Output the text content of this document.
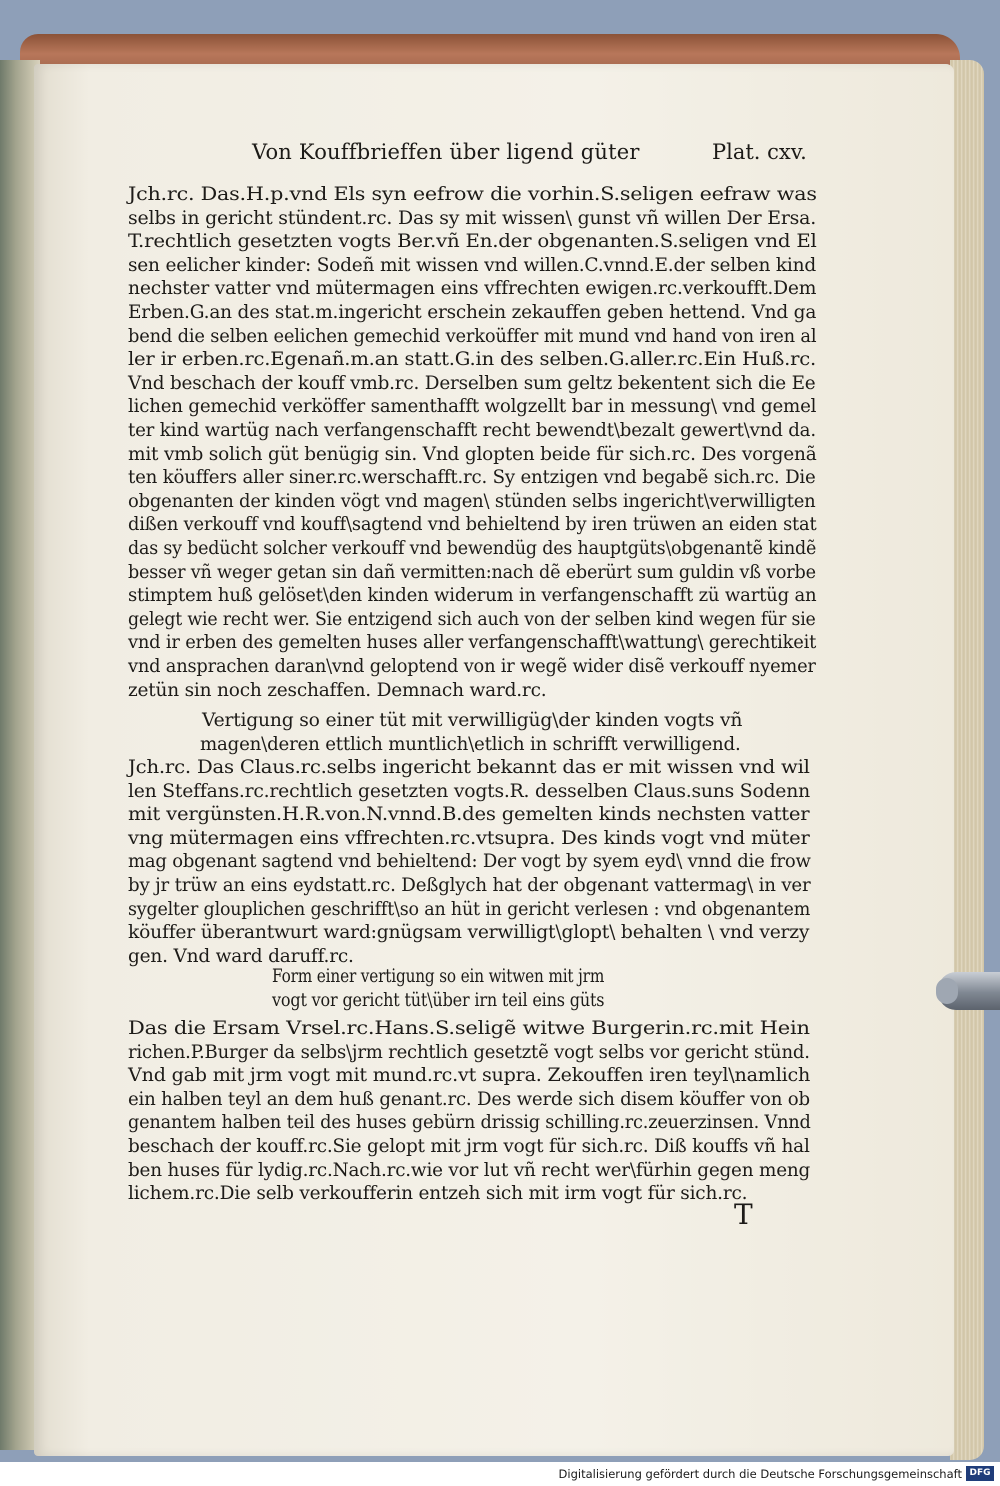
Von Kouffbrieffen über ligend güter	Plat. cxv.
Jch.rc. Das.H.p.vnd Els syn eefrow die vorhin.S.seligen eefraw was
selbs in gericht stündent.rc. Das sy mit wissen\ gunst vñ willen Der Ersa.
T.rechtlich gesetzten vogts Ber.vñ En.der obgenanten.S.seligen vnd El
sen eelicher kinder: Sodeñ mit wissen vnd willen.C.vnnd.E.der selben kind
nechster vatter vnd mütermagen eins vffrechten ewigen.rc.verkoufft.Dem
Erben.G.an des stat.m.ingericht erschein zekauffen geben hettend. Vnd ga
bend die selben eelichen gemechid verkoüffer mit mund vnd hand von iren al
ler ir erben.rc.Egenañ.m.an statt.G.in des selben.G.aller.rc.Ein Huß.rc.
Vnd beschach der kouff vmb.rc. Derselben sum geltz bekentent sich die Ee
lichen gemechid verköffer samenthafft wolgzellt bar in messung\ vnd gemel
ter kind wartüg nach verfangenschafft recht bewendt\bezalt gewert\vnd da.
mit vmb solich güt benügig sin. Vnd glopten beide für sich.rc. Des vorgenã
ten köuffers aller siner.rc.werschafft.rc. Sy entzigen vnd begabẽ sich.rc. Die
obgenanten der kinden vögt vnd magen\ stünden selbs ingericht\verwilligten
dißen verkouff vnd kouff\sagtend vnd behieltend by iren trüwen an eiden stat
das sy bedücht solcher verkouff vnd bewendüg des hauptgüts\obgenantẽ kindẽ
besser vñ weger getan sin dañ vermitten:nach dẽ eberürt sum guldin vß vorbe
stimptem huß gelöset\den kinden widerum in verfangenschafft zü wartüg an
gelegt wie recht wer. Sie entzigend sich auch von der selben kind wegen für sie
vnd ir erben des gemelten huses aller verfangenschafft\wattung\ gerechtikeit
vnd ansprachen daran\vnd geloptend von ir wegẽ wider disẽ verkouff nyemer
zetün sin noch zeschaffen. Demnach ward.rc.
Vertigung so einer tüt mit verwilligüg\der kinden vogts vñ
magen\deren ettlich muntlich\etlich in schrifft verwilligend.
Jch.rc. Das Claus.rc.selbs ingericht bekannt das er mit wissen vnd wil
len Steffans.rc.rechtlich gesetzten vogts.R. desselben Claus.suns Sodenn
mit vergünsten.H.R.von.N.vnnd.B.des gemelten kinds nechsten vatter
vng mütermagen eins vffrechten.rc.vtsupra. Des kinds vogt vnd müter
mag obgenant sagtend vnd behieltend: Der vogt by syem eyd\ vnnd die frow
by jr trüw an eins eydstatt.rc. Deßglych hat der obgenant vattermag\ in ver
sygelter glouplichen geschrifft\so an hüt in gericht verlesen : vnd obgenantem
köuffer überantwurt ward:gnügsam verwilligt\glopt\ behalten \ vnd verzy
gen. Vnd ward daruff.rc.
Form einer vertigung so ein witwen mit jrm
vogt vor gericht tüt\über irn teil eins güts
Das die Ersam Vrsel.rc.Hans.S.seligẽ witwe Burgerin.rc.mit Hein
richen.P.Burger da selbs\jrm rechtlich gesetztẽ vogt selbs vor gericht stünd.
Vnd gab mit jrm vogt mit mund.rc.vt supra. Zekouffen iren teyl\namlich
ein halben teyl an dem huß genant.rc. Des werde sich disem köuffer von ob
genantem halben teil des huses gebürn drissig schilling.rc.zeuerzinsen. Vnnd
beschach der kouff.rc.Sie gelopt mit jrm vogt für sich.rc. Diß kouffs vñ hal
ben huses für lydig.rc.Nach.rc.wie vor lut vñ recht wer\fürhin gegen meng
lichem.rc.Die selb verkoufferin entzeh sich mit irm vogt für sich.rc.
T
Digitalisierung gefördert durch die Deutsche Forschungsgemeinschaft DFG
